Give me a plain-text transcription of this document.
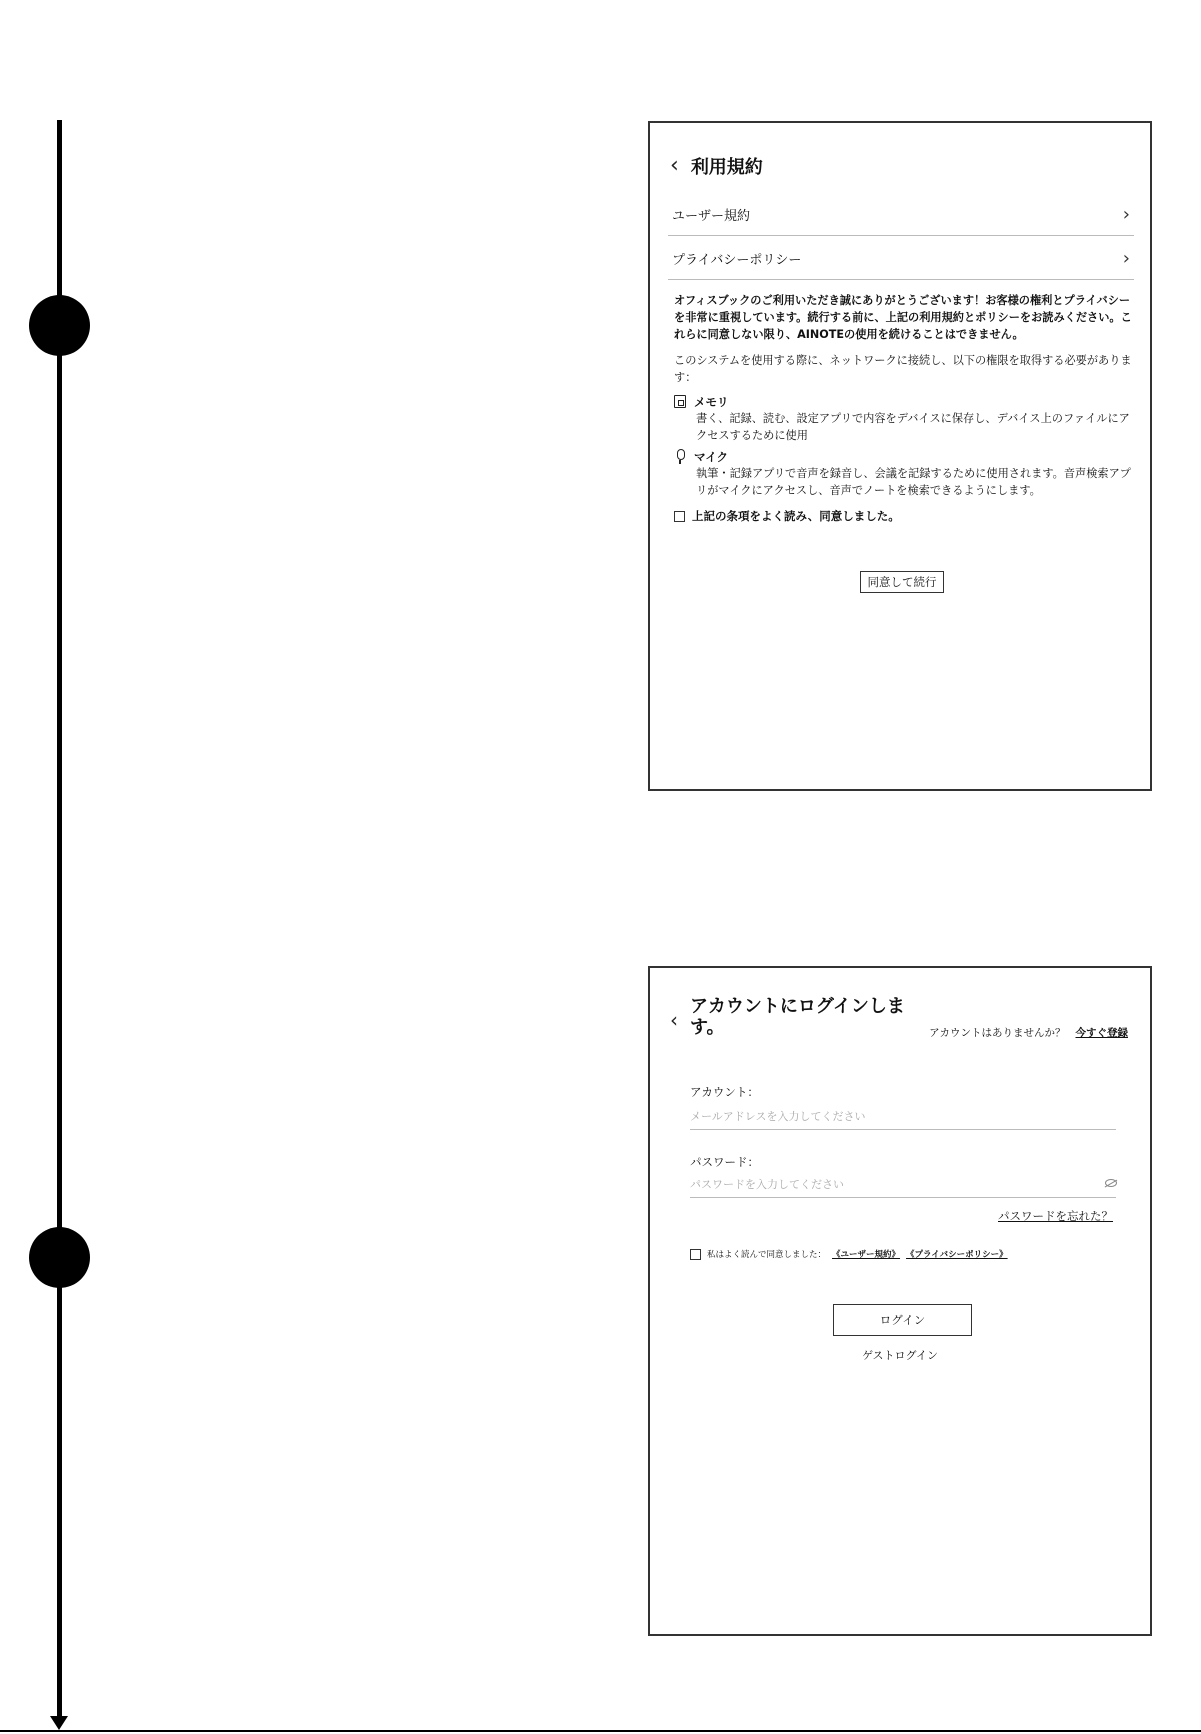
‹ 利用規約
ユーザー規約	›
プライバシーポリシー	›
オフィスブックのご利用いただき誠にありがとうございます！お客様の権利とプライバシーを非常に重視しています。続行する前に、上記の利用規約とポリシーをお読みください。これらに同意しない限り、AINOTEの使用を続けることはできません。
このシステムを使用する際に、ネットワークに接続し、以下の権限を取得する必要があります：
メモリ
書く、記録、読む、設定アプリで内容をデバイスに保存し、デバイス上のファイルにアクセスするために使用
マイク
執筆・記録アプリで音声を録音し、会議を記録するために使用されます。音声検索アプリがマイクにアクセスし、音声でノートを検索できるようにします。
上記の条項をよく読み、同意しました。
同意して続行
‹
アカウントにログインします。	アカウントはありませんか？ 今すぐ登録
アカウント：
メールアドレスを入力してください
パスワード：
パスワードを忘れた？
私はよく読んで同意しました： 《ユーザー規約》 《プライバシーポリシー》
ログイン
ゲストログイン
